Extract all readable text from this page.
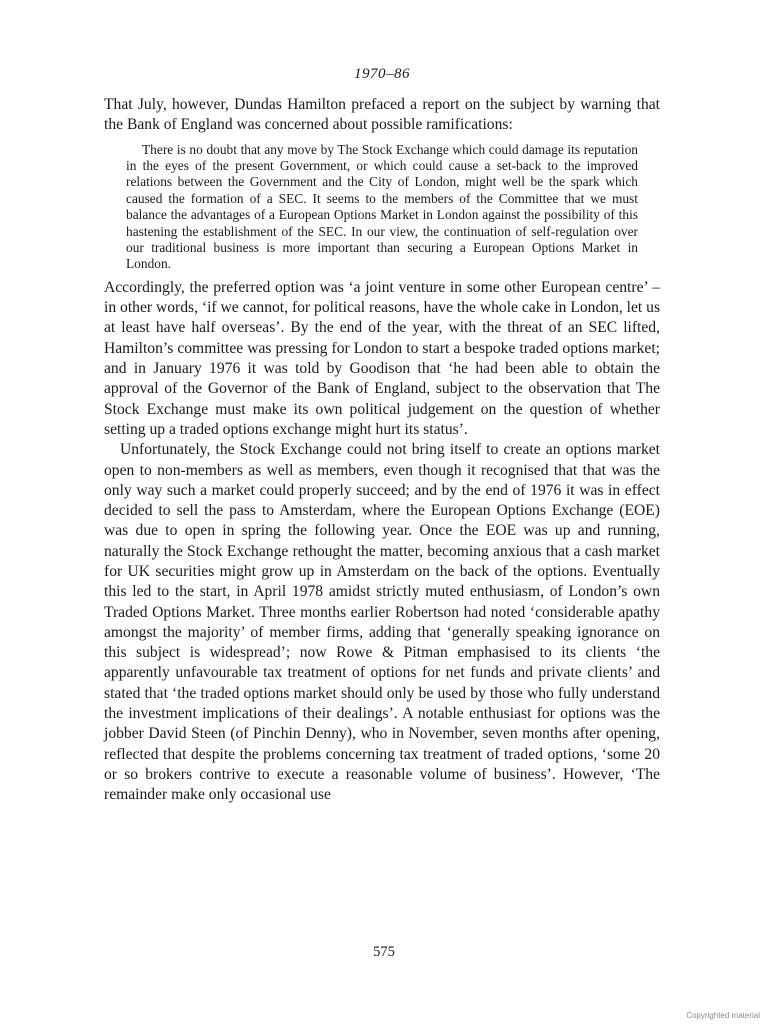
1970–86

That July, however, Dundas Hamilton prefaced a report on the subject by warning that the Bank of England was concerned about possible ramifications:

There is no doubt that any move by The Stock Exchange which could damage its reputation in the eyes of the present Government, or which could cause a set-back to the improved relations between the Government and the City of London, might well be the spark which caused the formation of a SEC. It seems to the members of the Committee that we must balance the advantages of a European Options Market in London against the possibility of this hastening the establishment of the SEC. In our view, the continuation of self-regulation over our traditional business is more important than securing a European Options Market in London.

Accordingly, the preferred option was ‘a joint venture in some other European centre’ – in other words, ‘if we cannot, for political reasons, have the whole cake in London, let us at least have half overseas’. By the end of the year, with the threat of an SEC lifted, Hamilton’s committee was pressing for London to start a bespoke traded options market; and in January 1976 it was told by Goodison that ‘he had been able to obtain the approval of the Governor of the Bank of England, subject to the observation that The Stock Exchange must make its own political judgement on the question of whether setting up a traded options exchange might hurt its status’.

Unfortunately, the Stock Exchange could not bring itself to create an options market open to non-members as well as members, even though it recognised that that was the only way such a market could properly succeed; and by the end of 1976 it was in effect decided to sell the pass to Amsterdam, where the European Options Exchange (EOE) was due to open in spring the following year. Once the EOE was up and running, naturally the Stock Exchange rethought the matter, becoming anxious that a cash market for UK securities might grow up in Amsterdam on the back of the options. Eventually this led to the start, in April 1978 amidst strictly muted enthusiasm, of London’s own Traded Options Market. Three months earlier Robertson had noted ‘considerable apathy amongst the majority’ of member firms, adding that ‘generally speaking ignorance on this subject is widespread’; now Rowe & Pitman emphasised to its clients ‘the apparently unfavourable tax treatment of options for net funds and private clients’ and stated that ‘the traded options market should only be used by those who fully understand the investment implications of their dealings’. A notable enthusiast for options was the jobber David Steen (of Pinchin Denny), who in November, seven months after opening, reflected that despite the problems concerning tax treatment of traded options, ‘some 20 or so brokers contrive to execute a reasonable volume of business’. However, ‘The remainder make only occasional use

575
Copyrighted material
